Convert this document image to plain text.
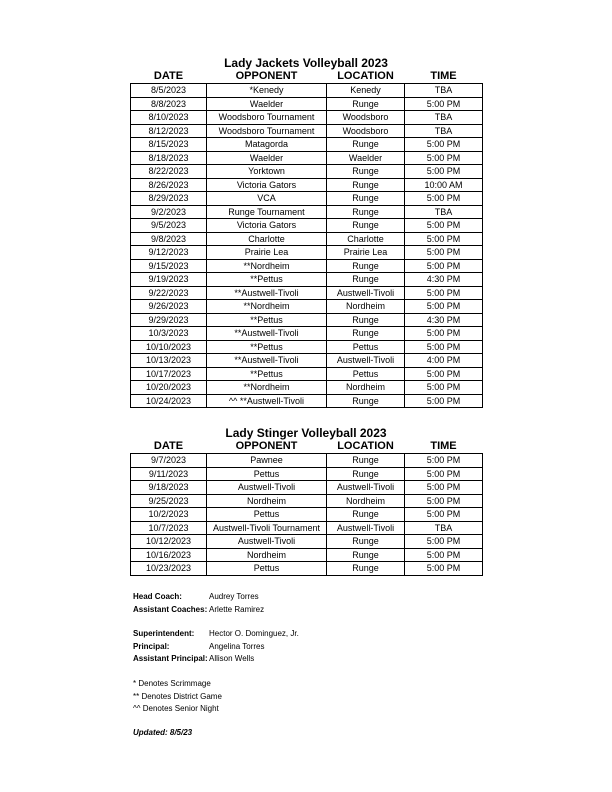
Lady Jackets Volleyball 2023
DATE	OPPONENT	LOCATION	TIME
8/5/2023	*Kenedy	Kenedy	TBA
8/8/2023	Waelder	Runge	5:00 PM
8/10/2023	Woodsboro Tournament	Woodsboro	TBA
8/12/2023	Woodsboro Tournament	Woodsboro	TBA
8/15/2023	Matagorda	Runge	5:00 PM
8/18/2023	Waelder	Waelder	5:00 PM
8/22/2023	Yorktown	Runge	5:00 PM
8/26/2023	Victoria Gators	Runge	10:00 AM
8/29/2023	VCA	Runge	5:00 PM
9/2/2023	Runge Tournament	Runge	TBA
9/5/2023	Victoria Gators	Runge	5:00 PM
9/8/2023	Charlotte	Charlotte	5:00 PM
9/12/2023	Prairie Lea	Prairie Lea	5:00 PM
9/15/2023	**Nordheim	Runge	5:00 PM
9/19/2023	**Pettus	Runge	4:30 PM
9/22/2023	**Austwell-Tivoli	Austwell-Tivoli	5:00 PM
9/26/2023	**Nordheim	Nordheim	5:00 PM
9/29/2023	**Pettus	Runge	4:30 PM
10/3/2023	**Austwell-Tivoli	Runge	5:00 PM
10/10/2023	**Pettus	Pettus	5:00 PM
10/13/2023	**Austwell-Tivoli	Austwell-Tivoli	4:00 PM
10/17/2023	**Pettus	Pettus	5:00 PM
10/20/2023	**Nordheim	Nordheim	5:00 PM
10/24/2023	^^ **Austwell-Tivoli	Runge	5:00 PM
Lady Stinger Volleyball 2023
DATE	OPPONENT	LOCATION	TIME
9/7/2023	Pawnee	Runge	5:00 PM
9/11/2023	Pettus	Runge	5:00 PM
9/18/2023	Austwell-Tivoli	Austwell-Tivoli	5:00 PM
9/25/2023	Nordheim	Nordheim	5:00 PM
10/2/2023	Pettus	Runge	5:00 PM
10/7/2023	Austwell-Tivoli Tournament	Austwell-Tivoli	TBA
10/12/2023	Austwell-Tivoli	Runge	5:00 PM
10/16/2023	Nordheim	Runge	5:00 PM
10/23/2023	Pettus	Runge	5:00 PM
Head Coach:	Audrey Torres
Assistant Coaches: Arlette Ramirez
Superintendent:	Hector O. Dominguez, Jr.
Principal:	Angelina Torres
Assistant Principal: Allison Wells
* Denotes Scrimmage
** Denotes District Game
^^ Denotes Senior Night
Updated: 8/5/23
